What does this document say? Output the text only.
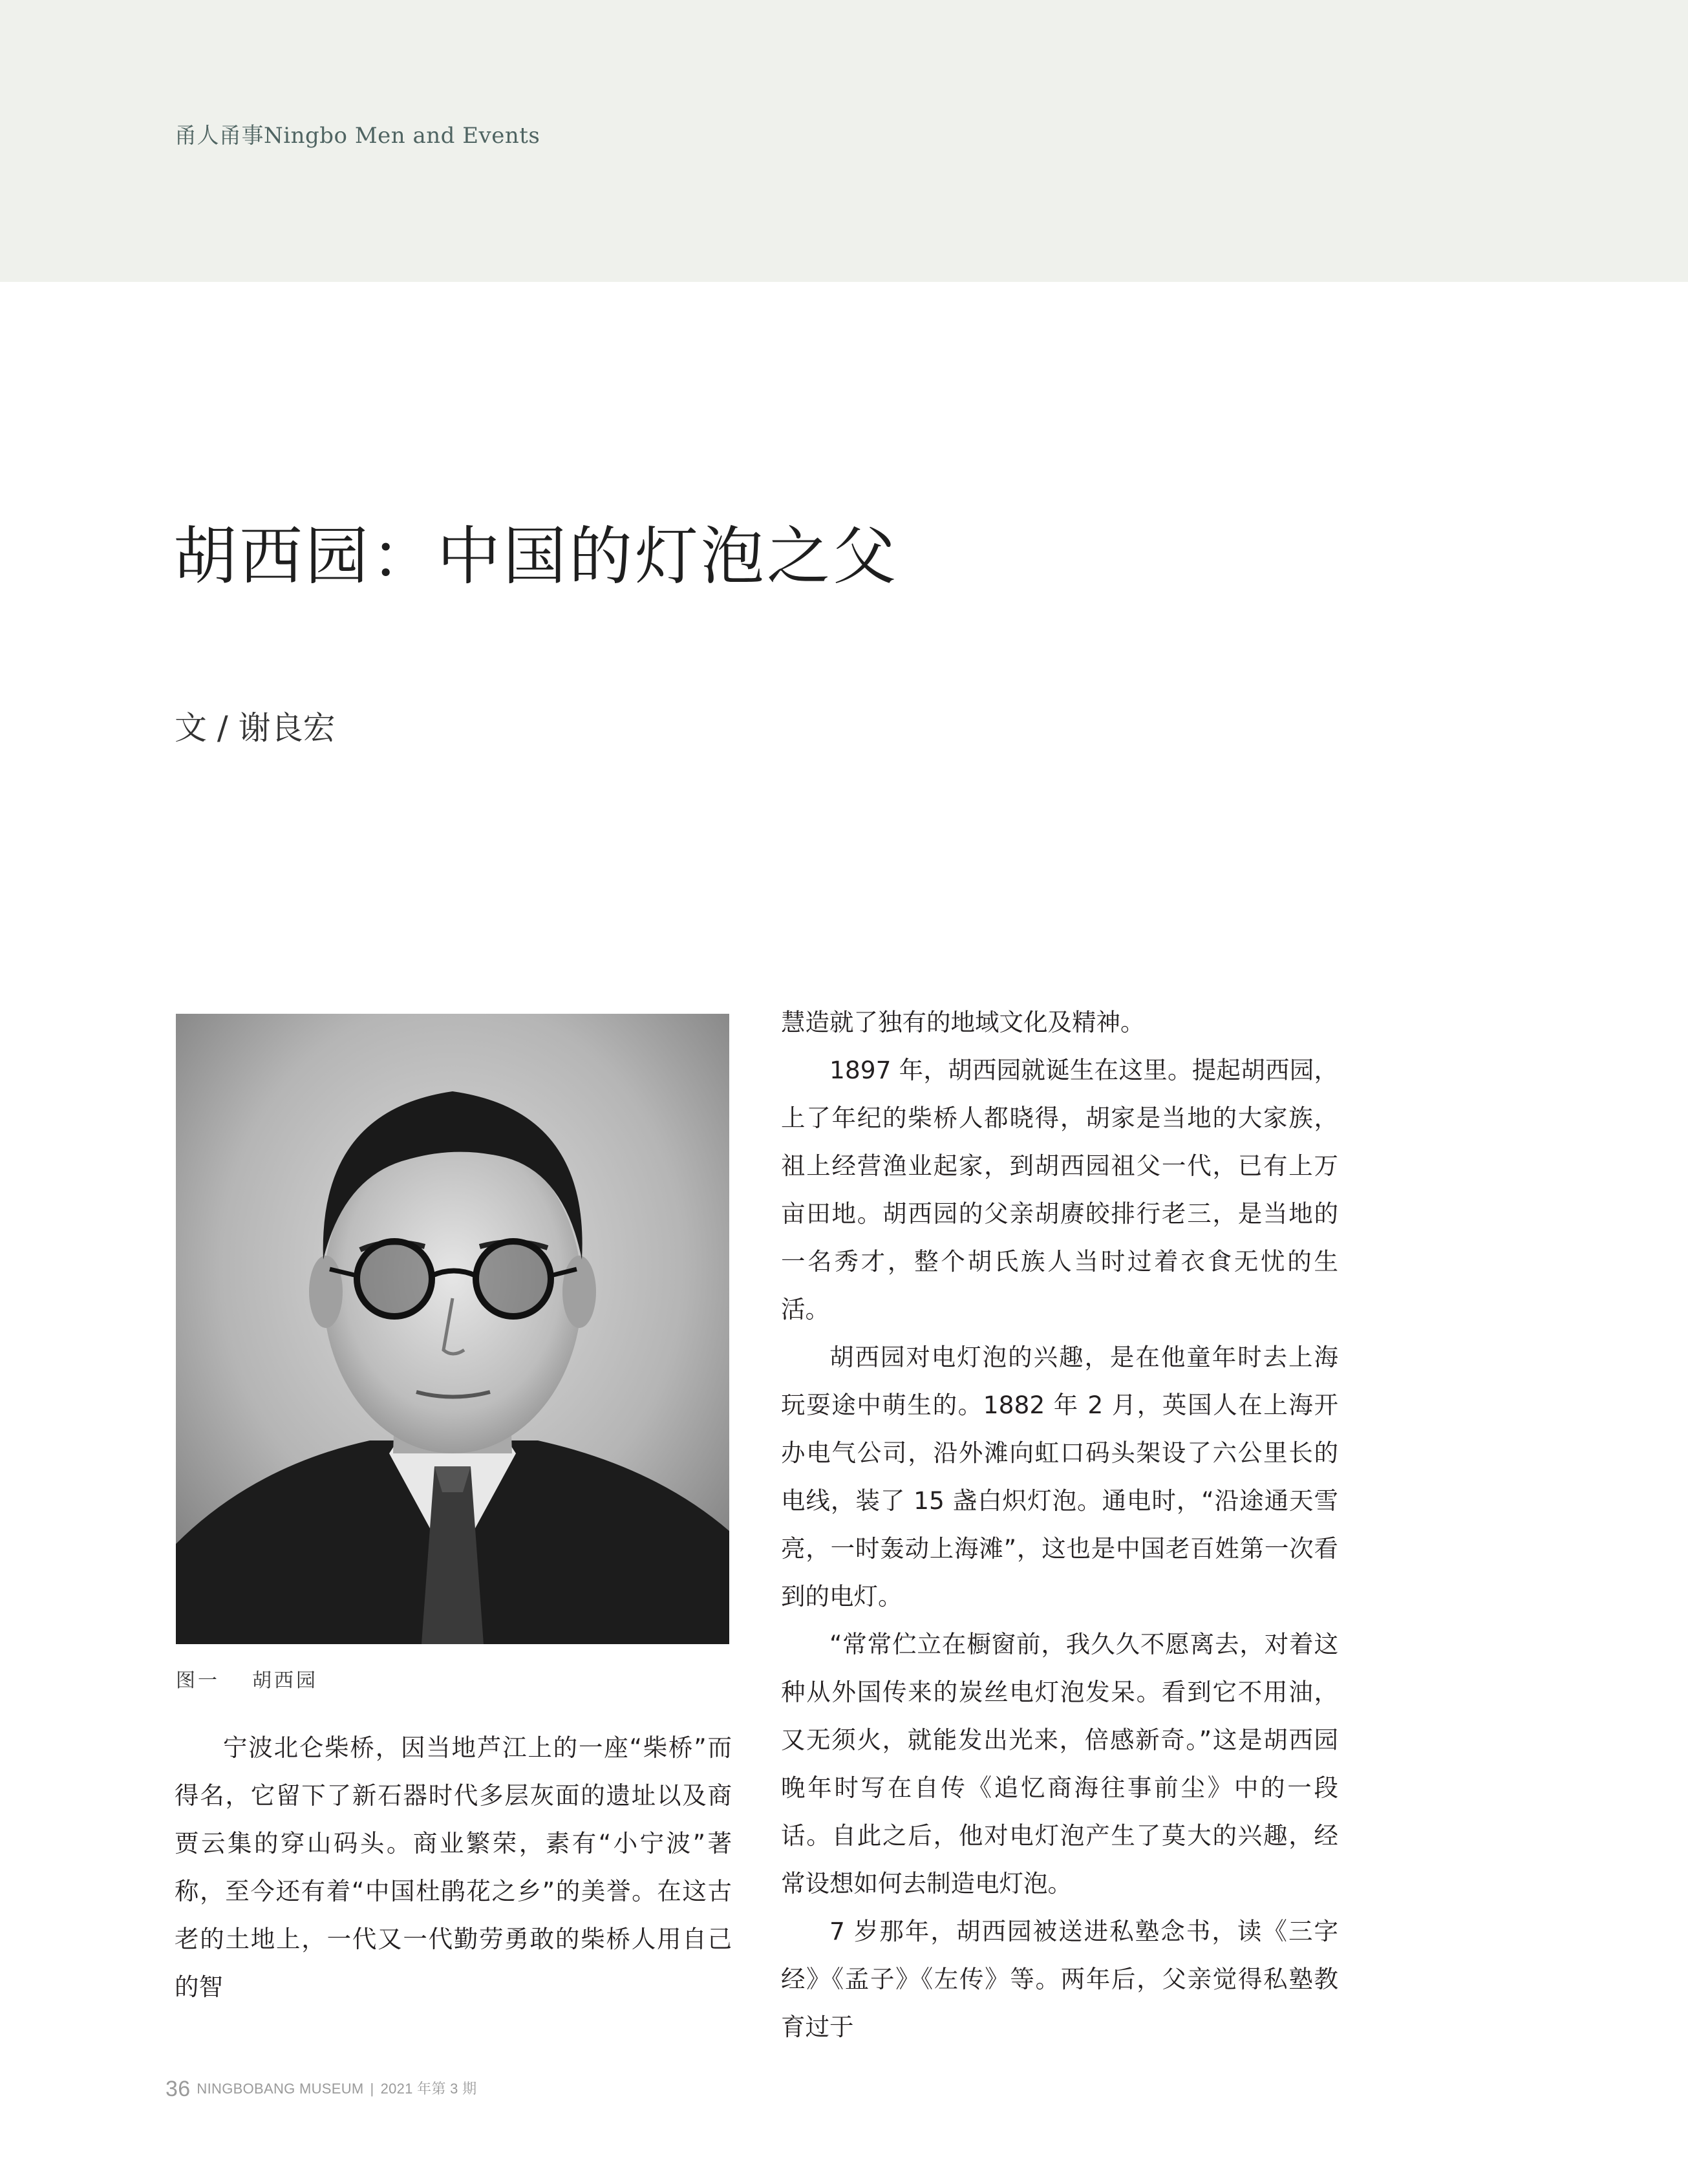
甬人甬事Ningbo Men and Events
胡西园：中国的灯泡之父
文 / 谢良宏
图一 胡西园

宁波北仑柴桥，因当地芦江上的一座“柴桥”而得名，它留下了新石器时代多层灰面的遗址以及商贾云集的穿山码头。商业繁荣，素有“小宁波”著称，至今还有着“中国杜鹃花之乡”的美誉。在这古老的土地上，一代又一代勤劳勇敢的柴桥人用自己的智

慧造就了独有的地域文化及精神。

1897 年，胡西园就诞生在这里。提起胡西园，上了年纪的柴桥人都晓得，胡家是当地的大家族，祖上经营渔业起家，到胡西园祖父一代，已有上万亩田地。胡西园的父亲胡赓皎排行老三，是当地的一名秀才，整个胡氏族人当时过着衣食无忧的生活。

胡西园对电灯泡的兴趣，是在他童年时去上海玩耍途中萌生的。1882 年 2 月，英国人在上海开办电气公司，沿外滩向虹口码头架设了六公里长的电线，装了 15 盏白炽灯泡。通电时，“沿途通天雪亮，一时轰动上海滩”，这也是中国老百姓第一次看到的电灯。

“常常伫立在橱窗前，我久久不愿离去，对着这种从外国传来的炭丝电灯泡发呆。看到它不用油，又无须火，就能发出光来，倍感新奇。”这是胡西园晚年时写在自传《追忆商海往事前尘》中的一段话。自此之后，他对电灯泡产生了莫大的兴趣，经常设想如何去制造电灯泡。

7 岁那年，胡西园被送进私塾念书，读《三字经》《孟子》《左传》等。两年后，父亲觉得私塾教育过于

36 NINGBOBANG MUSEUM | 2021 年第 3 期
